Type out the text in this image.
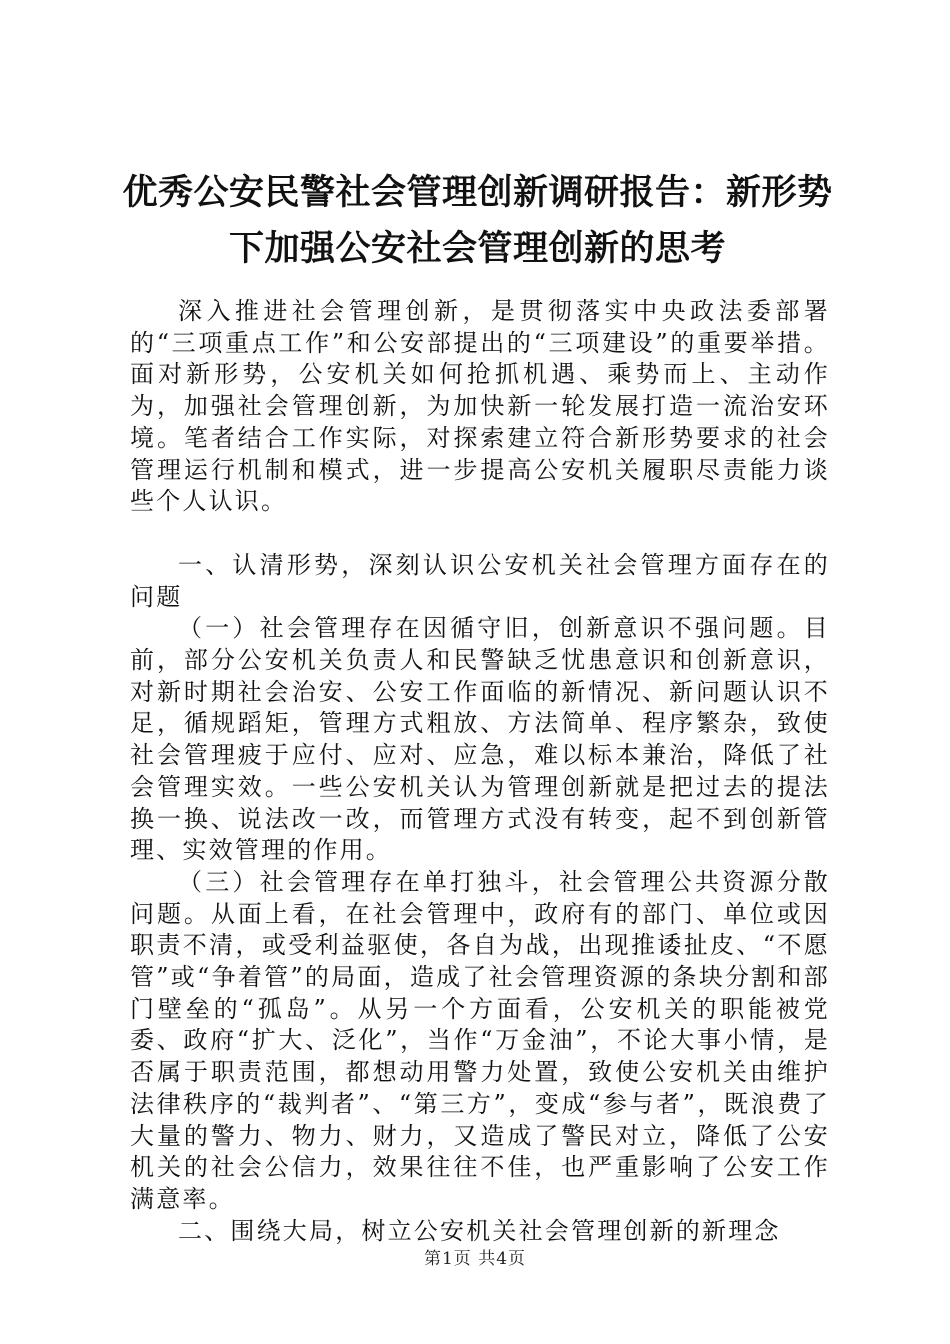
优秀公安民警社会管理创新调研报告：新形势
下加强公安社会管理创新的思考

深入推进社会管理创新，是贯彻落实中央政法委部署的“三项重点工作”和公安部提出的“三项建设”的重要举措。面对新形势，公安机关如何抢抓机遇、乘势而上、主动作为，加强社会管理创新，为加快新一轮发展打造一流治安环境。笔者结合工作实际，对探索建立符合新形势要求的社会管理运行机制和模式，进一步提高公安机关履职尽责能力谈些个人认识。

一、认清形势，深刻认识公安机关社会管理方面存在的问题

（一）社会管理存在因循守旧，创新意识不强问题。目前，部分公安机关负责人和民警缺乏忧患意识和创新意识，对新时期社会治安、公安工作面临的新情况、新问题认识不足，循规蹈矩，管理方式粗放、方法简单、程序繁杂，致使社会管理疲于应付、应对、应急，难以标本兼治，降低了社会管理实效。一些公安机关认为管理创新就是把过去的提法换一换、说法改一改，而管理方式没有转变，起不到创新管理、实效管理的作用。

（三）社会管理存在单打独斗，社会管理公共资源分散问题。从面上看，在社会管理中，政府有的部门、单位或因职责不清，或受利益驱使，各自为战，出现推诿扯皮、“不愿管”或“争着管”的局面，造成了社会管理资源的条块分割和部门壁垒的“孤岛”。从另一个方面看，公安机关的职能被党委、政府“扩大、泛化”，当作“万金油”，不论大事小情，是否属于职责范围，都想动用警力处置，致使公安机关由维护法律秩序的“裁判者”、“第三方”，变成“参与者”，既浪费了大量的警力、物力、财力，又造成了警民对立，降低了公安机关的社会公信力，效果往往不佳，也严重影响了公安工作满意率。

二、围绕大局，树立公安机关社会管理创新的新理念

第1页 共4页
